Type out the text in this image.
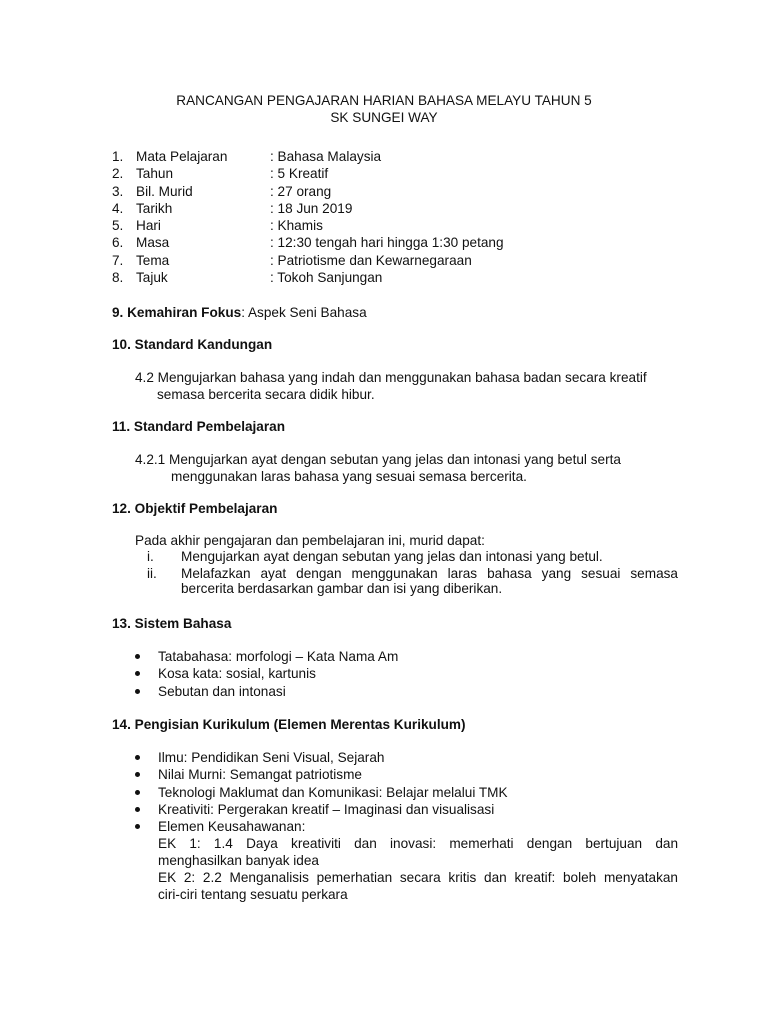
RANCANGAN PENGAJARAN HARIAN BAHASA MELAYU TAHUN 5
SK SUNGEI WAY
1. Mata Pelajaran	: Bahasa Malaysia
2. Tahun	: 5 Kreatif
3. Bil. Murid	: 27 orang
4. Tarikh	: 18 Jun 2019
5. Hari	: Khamis
6. Masa	: 12:30 tengah hari hingga 1:30 petang
7. Tema	: Patriotisme dan Kewarnegaraan
8. Tajuk	: Tokoh Sanjungan
9. Kemahiran Fokus: Aspek Seni Bahasa
10. Standard Kandungan
4.2 Mengujarkan bahasa yang indah dan menggunakan bahasa badan secara kreatif
semasa bercerita secara didik hibur.
11. Standard Pembelajaran
4.2.1 Mengujarkan ayat dengan sebutan yang jelas dan intonasi yang betul serta
menggunakan laras bahasa yang sesuai semasa bercerita.
12. Objektif Pembelajaran
Pada akhir pengajaran dan pembelajaran ini, murid dapat:
i. Mengujarkan ayat dengan sebutan yang jelas dan intonasi yang betul.
ii. Melafazkan ayat dengan menggunakan laras bahasa yang sesuai semasa
bercerita berdasarkan gambar dan isi yang diberikan.
13. Sistem Bahasa
Tatabahasa: morfologi – Kata Nama Am
Kosa kata: sosial, kartunis
Sebutan dan intonasi
14. Pengisian Kurikulum (Elemen Merentas Kurikulum)
Ilmu: Pendidikan Seni Visual, Sejarah
Nilai Murni: Semangat patriotisme
Teknologi Maklumat dan Komunikasi: Belajar melalui TMK
Kreativiti: Pergerakan kreatif – Imaginasi dan visualisasi
Elemen Keusahawanan:
EK 1: 1.4 Daya kreativiti dan inovasi: memerhati dengan bertujuan dan
menghasilkan banyak idea
EK 2: 2.2 Menganalisis pemerhatian secara kritis dan kreatif: boleh menyatakan
ciri-ciri tentang sesuatu perkara
